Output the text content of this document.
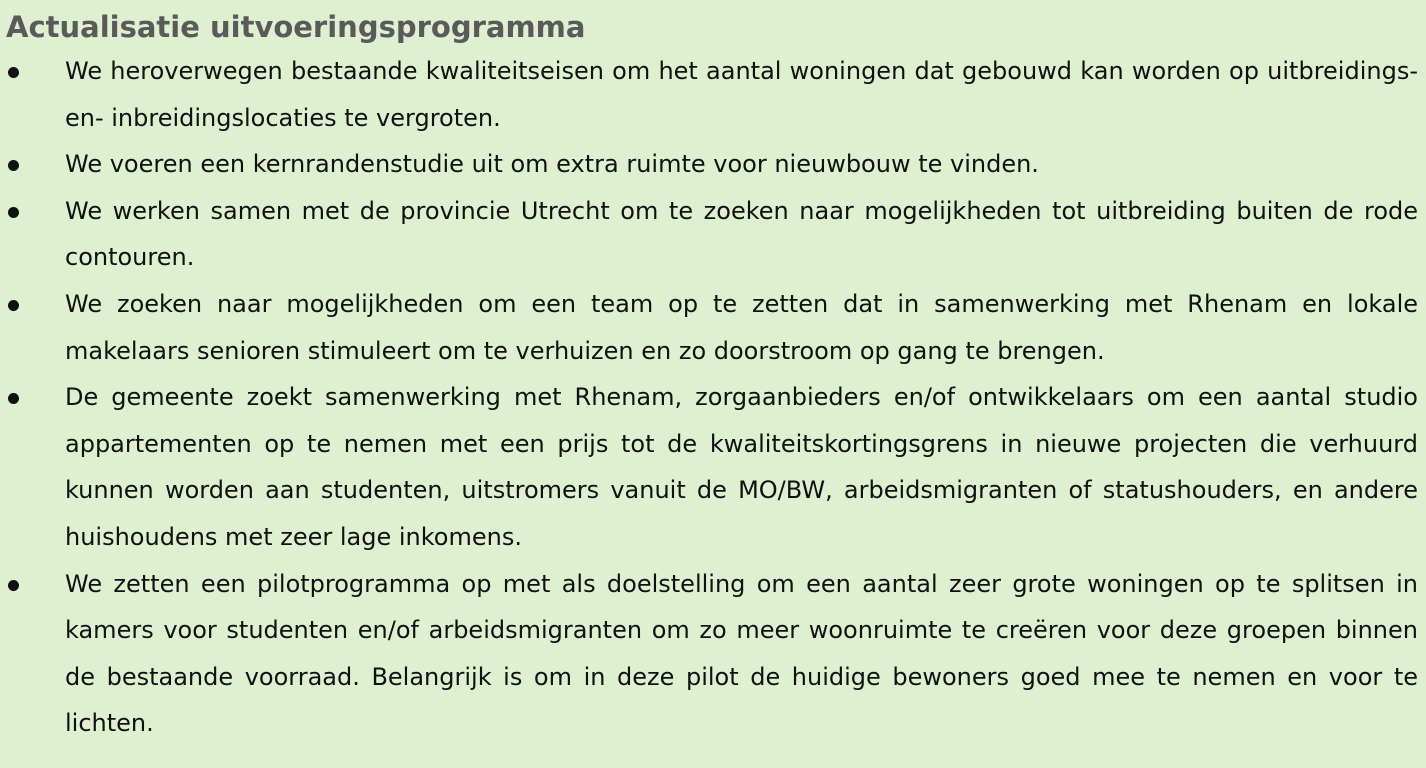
Actualisatie uitvoeringsprogramma
We heroverwegen bestaande kwaliteitseisen om het aantal woningen dat gebouwd kan worden op uitbreidings- en- inbreidingslocaties te vergroten.
We voeren een kernrandenstudie uit om extra ruimte voor nieuwbouw te vinden.
We werken samen met de provincie Utrecht om te zoeken naar mogelijkheden tot uitbreiding buiten de rode contouren.
We zoeken naar mogelijkheden om een team op te zetten dat in samenwerking met Rhenam en lokale makelaars senioren stimuleert om te verhuizen en zo doorstroom op gang te brengen.
De gemeente zoekt samenwerking met Rhenam, zorgaanbieders en/of ontwikkelaars om een aantal studio appartementen op te nemen met een prijs tot de kwaliteitskortingsgrens in nieuwe projecten die verhuurd kunnen worden aan studenten, uitstromers vanuit de MO/BW, arbeidsmigranten of statushouders, en andere huishoudens met zeer lage inkomens.
We zetten een pilotprogramma op met als doelstelling om een aantal zeer grote woningen op te splitsen in kamers voor studenten en/of arbeidsmigranten om zo meer woonruimte te creëren voor deze groepen binnen de bestaande voorraad. Belangrijk is om in deze pilot de huidige bewoners goed mee te nemen en voor te lichten.
